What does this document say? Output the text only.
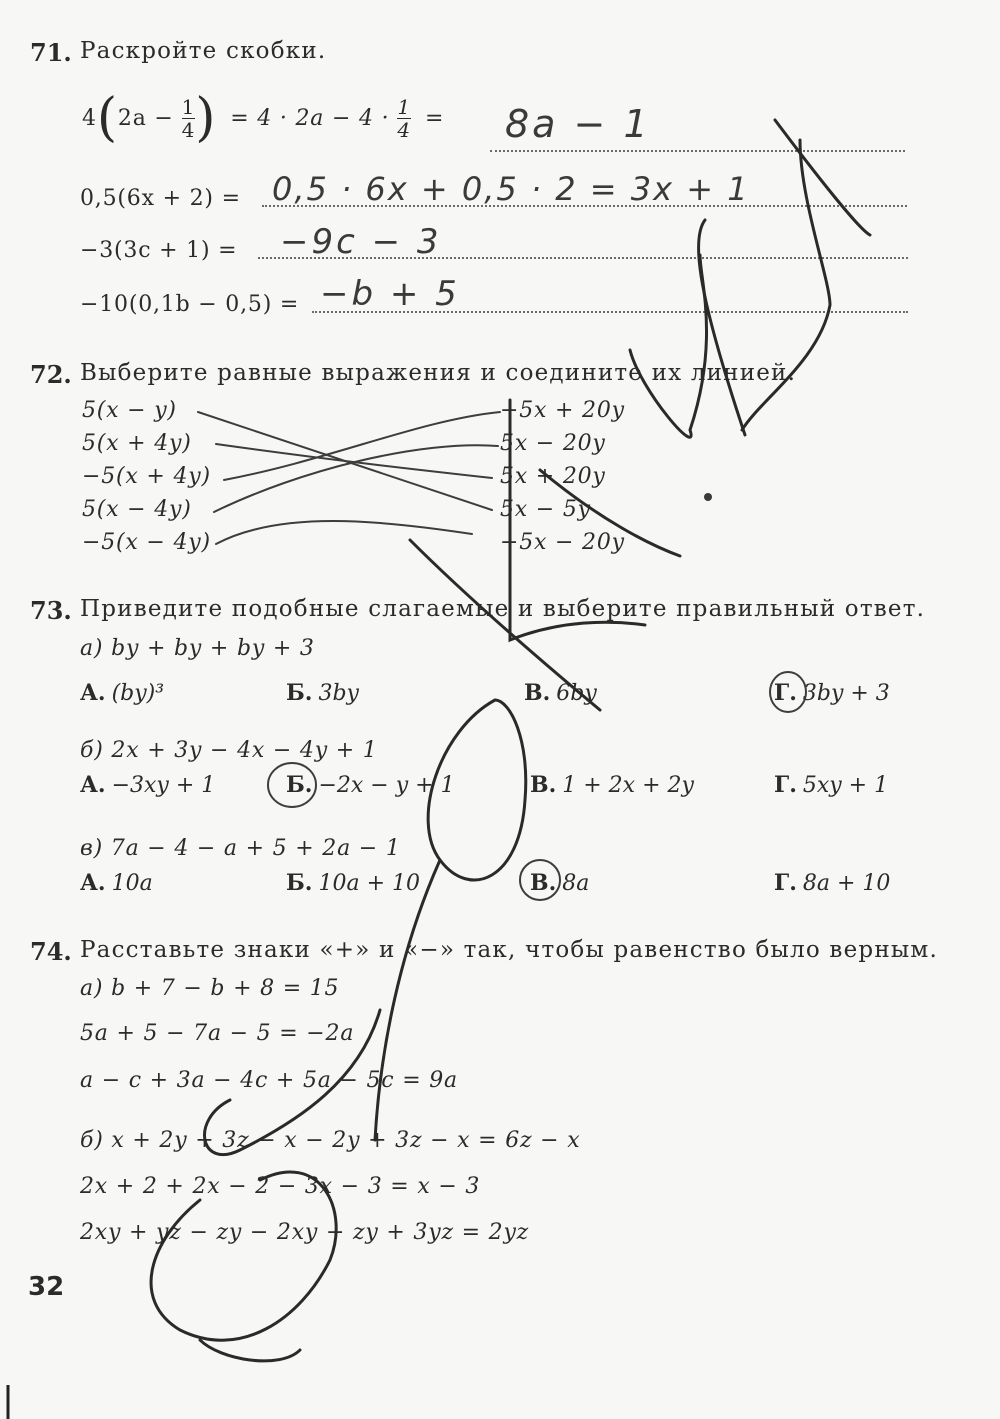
71. Раскройте скобки.
4 ( $2a - \frac{1}{4}$ ) = $4 \cdot 2a - 4 \cdot \frac{1}{4} = 8a - 1$
0,5(6x + 2) = 0,5 · 6x + 0,5 · 2 = 3x + 1
−3(3c + 1) = −9c − 3
−10(0,1b − 0,5) = −b + 5
72. Выберите равные выражения и соедините их линией.
5(x − y)
5(x + 4y)
−5(x + 4y)
5(x − 4y)
−5(x − 4y)
−5x + 20y
5x − 20y
5x + 20y
5x − 5y
−5x − 20y
73. Приведите подобные слагаемые и выберите правильный ответ.
а) by + by + by + 3
А. (by)³	Б. 3by	В. 6by	Г. 3by + 3
б) 2x + 3y − 4x − 4y + 1
А. −3xy + 1	Б. −2x − y + 1	В. 1 + 2x + 2y	Г. 5xy + 1
в) 7a − 4 − a + 5 + 2a − 1
А. 10a	Б. 10a + 10	В. 8a	Г. 8a + 10
74. Расставьте знаки «+» и «−» так, чтобы равенство было верным.
а) b + 7 − b + 8 = 15
5a + 5 − 7a − 5 = −2a
a − c + 3a − 4c + 5a − 5c = 9a
б) x + 2y + 3z − x − 2y + 3z − x = 6z − x
2x + 2 + 2x − 2 − 3x − 3 = x − 3
2xy + yz − zy − 2xy − zy + 3yz = 2yz
32
